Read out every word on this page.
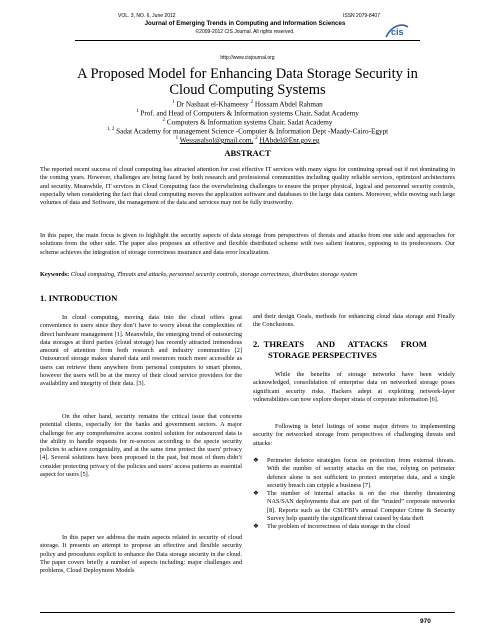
VOL. 3, NO. 6, June 2012	ISSN 2079-8407
Journal of Emerging Trends in Computing and Information Sciences
©2009-2012 CIS Journal. All rights reserved.	cis
http://www.cisjournal.org
A Proposed Model for Enhancing Data Storage Security in Cloud Computing Systems
$^1$ Dr Nashaat el-Khameesy $^2$ Hossam Abdel Rahman
$^1$ Prof. and Head of Computers & Information systems Chair, Sadat Academy
$^2$ Computers & Information systems Chair, Sadat Academy
$^{1, 2}$ Sadat Academy for management Science -Computer & Information Dept -Maady-Cairo-Egypt
$^1$ Wessasalsol@gmail.com, $^2$ HAbdel@Enr.gov.eg
ABSTRACT
The reported recent success of cloud computing has attracted attention for cost effective IT services with many signs for continuing spread out if not dominating in the coming years. However, challenges are being faced by both research and professional communities including quality reliable services, optimized architectures and security. Meanwhile, IT services in Cloud Computing face the overwhelming challenges to ensure the proper physical, logical and personnel security controls, especially when considering the fact that cloud computing moves the application software and databases to the large data canters. Moreover, while moving such large volumes of data and Software, the management of the data and services may not be fully trustworthy.
In this paper, the main focus is given to highlight the security aspects of data storage from perspectives of threats and attacks from one side and approaches for solutions from the other side. The paper also proposes an effective and flexible distributed scheme with two salient features, opposing to its predecessors. Our scheme achieves the integration of storage correctness insurance and data error localization.
Keywords: Cloud computing, Threats and attacks, personnel security controls, storage correctness, distributes storage system
1. INTRODUCTION
In cloud computing, moving data into the cloud offers great convenience to users since they don’t have to worry about the complexities of direct hardware management [1]. Meanwhile, the emerging trend of outsourcing data storages at third parties (cloud storage) has recently attracted tremendous amount of attention from both research and industry communities [2] Outsourced storage makes shared data and resources much more accessible as users can retrieve them anywhere from personal computers to smart phones, however the users will be at the mercy of their cloud service providers for the availability and integrity of their data. [3].
On the other hand, security remains the critical issue that concerns potential clients, especially for the banks and government sectors. A major challenge for any comprehensive access control solution for outsourced data is the ability to handle requests for re-sources according to the specie security policies to achieve congeniality, and at the same time protect the users' privacy [4]. Several solutions have been proposed in the past, but most of them didn’t consider protecting privacy of the policies and users' access patterns as essential aspect for users [5].
In this paper we address the main aspects related to security of cloud storage. It presents an attempt to propose an effective and flexible security policy and procedures explicit to enhance the Data storage security in the cloud. The paper covers briefly a number of aspects including: major challenges and problems, Cloud Deployment Models
and their design Goals, methods for enhancing cloud data storage and Finally the Conclusions.
2.  THREATS      AND      ATTACKS      FROM
STORAGE PERSPECTIVES
While the benefits of storage networks have been widely acknowledged, consolidation of enterprise data on networked storage poses significant security risks. Hackers adept at exploiting network-layer vulnerabilities can now explore deeper strata of corporate information [6].
Following is brief listings of some major drivers to implementing security for networked storage from perspectives of challenging threats and attacks:
❖ Perimeter defence strategies focus on protection from external threats. With the number of security attacks on the rise, relying on perimeter defence alone is not sufficient to protect enterprise data, and a single security breach can cripple a business [7].
❖ The number of internal attacks is on the rise thereby threatening NAS/SAN deployments that are part of the “trusted” corporate networks [8]. Reports such as the CSI/FBI’s annual Computer Crime & Security Survey help quantify the significant threat caused by data theft
❖ The problem of incorrectness of data storage in the cloud
970
